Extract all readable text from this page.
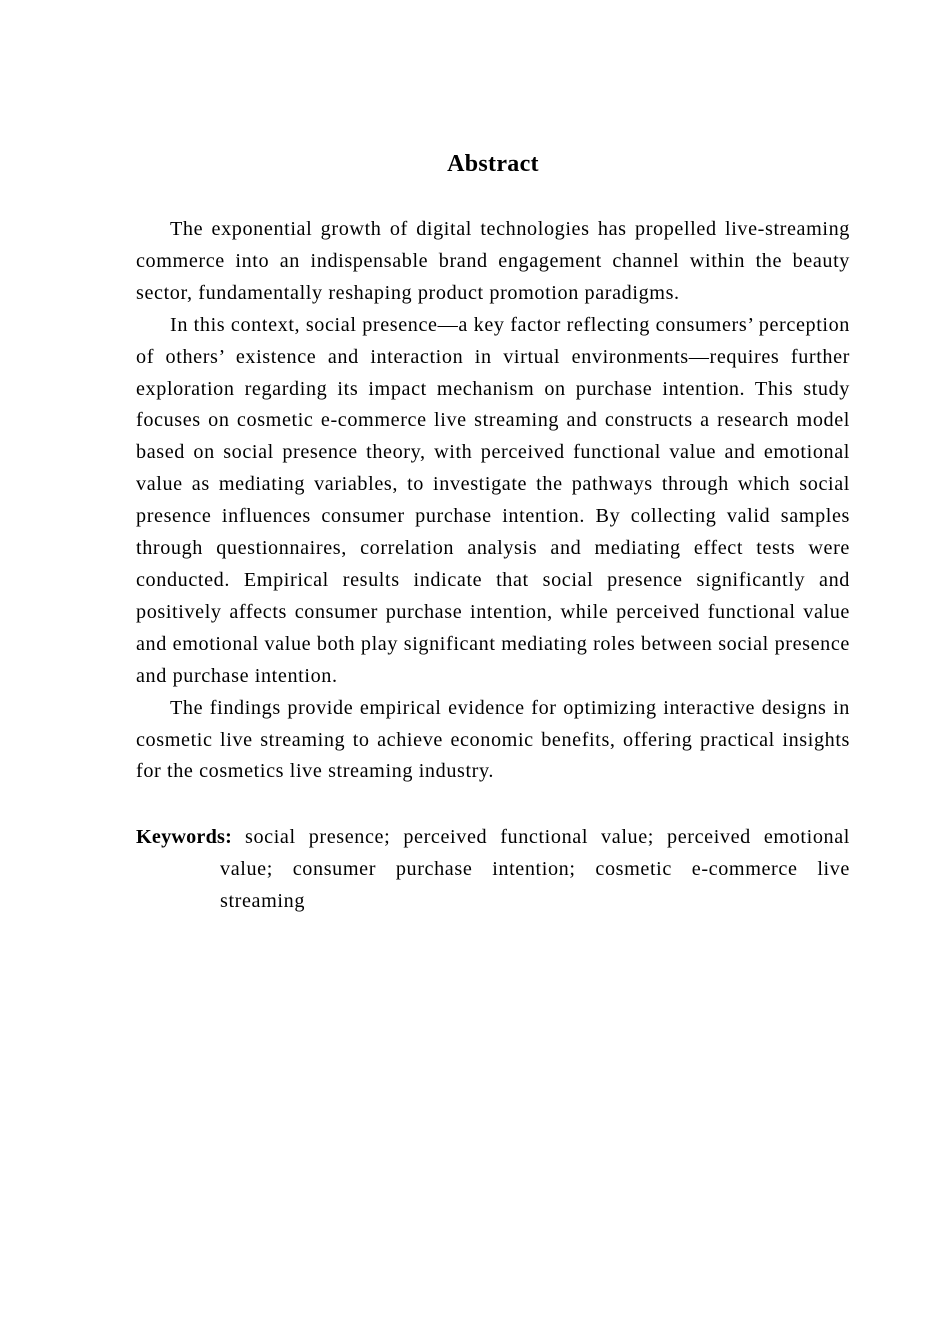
Abstract

The exponential growth of digital technologies has propelled live-streaming commerce into an indispensable brand engagement channel within the beauty sector, fundamentally reshaping product promotion paradigms.

In this context, social presence—a key factor reflecting consumers’ perception of others’ existence and interaction in virtual environments—requires further exploration regarding its impact mechanism on purchase intention. This study focuses on cosmetic e-commerce live streaming and constructs a research model based on social presence theory, with perceived functional value and emotional value as mediating variables, to investigate the pathways through which social presence influences consumer purchase intention. By collecting valid samples through questionnaires, correlation analysis and mediating effect tests were conducted. Empirical results indicate that social presence significantly and positively affects consumer purchase intention, while perceived functional value and emotional value both play significant mediating roles between social presence and purchase intention.

The findings provide empirical evidence for optimizing interactive designs in cosmetic live streaming to achieve economic benefits, offering practical insights for the cosmetics live streaming industry.

Keywords: social presence; perceived functional value; perceived emotional value; consumer purchase intention; cosmetic e-commerce live streaming
